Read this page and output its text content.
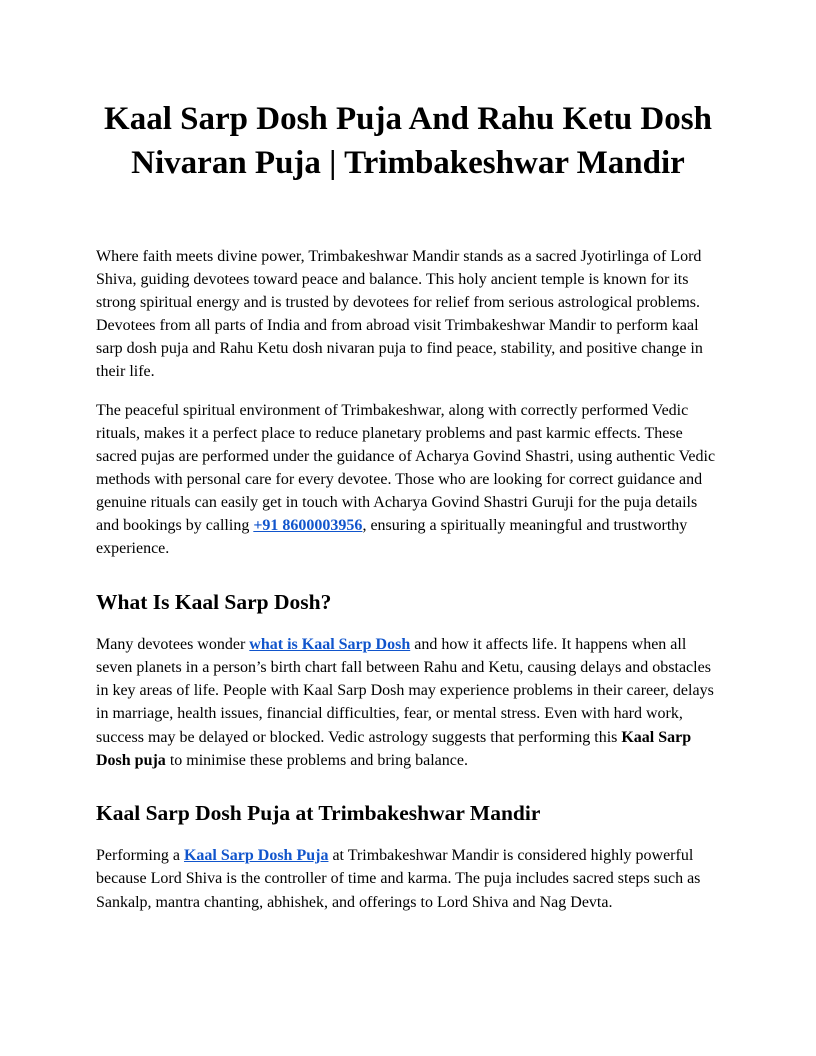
Kaal Sarp Dosh Puja And Rahu Ketu Dosh
Nivaran Puja | Trimbakeshwar Mandir

Where faith meets divine power, Trimbakeshwar Mandir stands as a sacred Jyotirlinga of Lord Shiva, guiding devotees toward peace and balance. This holy ancient temple is known for its strong spiritual energy and is trusted by devotees for relief from serious astrological problems. Devotees from all parts of India and from abroad visit Trimbakeshwar Mandir to perform kaal sarp dosh puja and Rahu Ketu dosh nivaran puja to find peace, stability, and positive change in their life.

The peaceful spiritual environment of Trimbakeshwar, along with correctly performed Vedic rituals, makes it a perfect place to reduce planetary problems and past karmic effects. These sacred pujas are performed under the guidance of Acharya Govind Shastri, using authentic Vedic methods with personal care for every devotee. Those who are looking for correct guidance and genuine rituals can easily get in touch with Acharya Govind Shastri Guruji for the puja details and bookings by calling +91 8600003956, ensuring a spiritually meaningful and trustworthy experience.

What Is Kaal Sarp Dosh?

Many devotees wonder what is Kaal Sarp Dosh and how it affects life. It happens when all seven planets in a person’s birth chart fall between Rahu and Ketu, causing delays and obstacles in key areas of life. People with Kaal Sarp Dosh may experience problems in their career, delays in marriage, health issues, financial difficulties, fear, or mental stress. Even with hard work, success may be delayed or blocked. Vedic astrology suggests that performing this Kaal Sarp Dosh puja to minimise these problems and bring balance.

Kaal Sarp Dosh Puja at Trimbakeshwar Mandir

Performing a Kaal Sarp Dosh Puja at Trimbakeshwar Mandir is considered highly powerful because Lord Shiva is the controller of time and karma. The puja includes sacred steps such as Sankalp, mantra chanting, abhishek, and offerings to Lord Shiva and Nag Devta.
